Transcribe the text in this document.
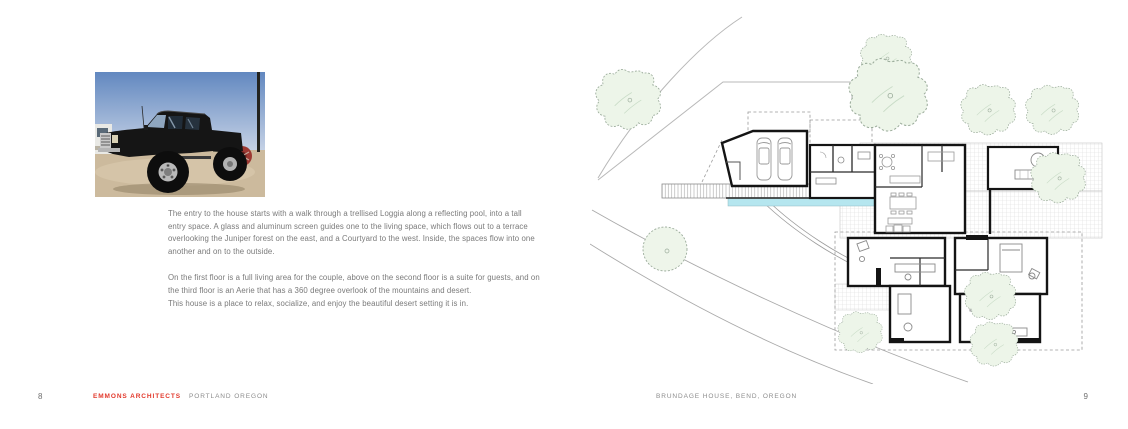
The entry to the house starts with a walk through a trellised Loggia along a reflecting pool, into a tall entry space. A glass and aluminum screen guides one to the living space, which flows out to a terrace overlooking the Juniper forest on the east, and a Courtyard to the west. Inside, the spaces flow into one another and on to the outside.

On the first floor is a full living area for the couple, above on the second floor is a suite for guests, and on the third floor is an Aerie that has a 360 degree overlook of the mountains and desert.
This house is a place to relax, socialize, and enjoy the beautiful desert setting it is in.

8	EMMONS ARCHITECTS PORTLAND OREGON	BRUNDAGE HOUSE, BEND, OREGON	9
